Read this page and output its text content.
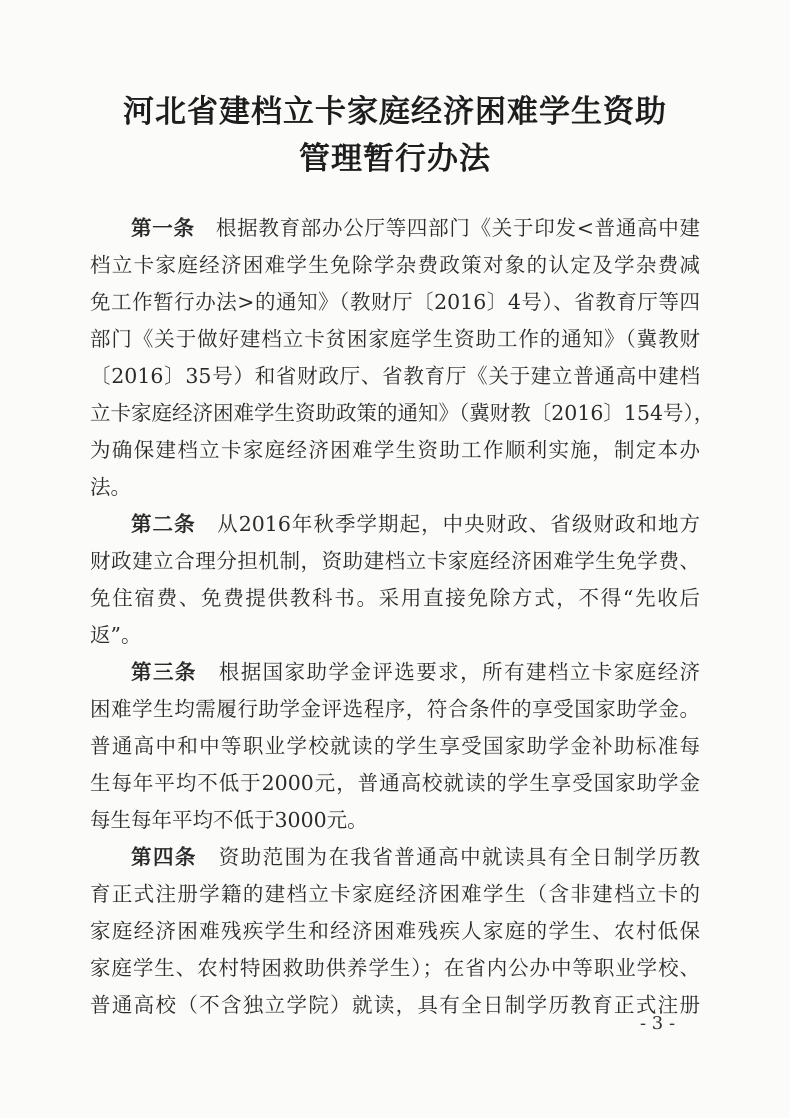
河北省建档立卡家庭经济困难学生资助
管理暂行办法
第一条　 根据教育部办公厅等四部门《关于印发<普通高中建
档立卡家庭经济困难学生免除学杂费政策对象的认定及学杂费减
免工作暂行办法>的通知》（教财厅〔2016〕4号）、省教育厅等四
部门《关于做好建档立卡贫困家庭学生资助工作的通知》（冀教财
〔2016〕35号）和省财政厅、省教育厅《关于建立普通高中建档
立卡家庭经济困难学生资助政策的通知》（冀财教〔2016〕154号），
为确保建档立卡家庭经济困难学生资助工作顺利实施，制定本办
法。
第二条　 从2016年秋季学期起，中央财政、省级财政和地方
财政建立合理分担机制，资助建档立卡家庭经济困难学生免学费、
免住宿费、免费提供教科书。采用直接免除方式，不得“先收后
返”。
第三条　 根据国家助学金评选要求，所有建档立卡家庭经济
困难学生均需履行助学金评选程序，符合条件的享受国家助学金。
普通高中和中等职业学校就读的学生享受国家助学金补助标准每
生每年平均不低于2000元，普通高校就读的学生享受国家助学金
每生每年平均不低于3000元。
第四条　 资助范围为在我省普通高中就读具有全日制学历教
育正式注册学籍的建档立卡家庭经济困难学生（含非建档立卡的
家庭经济困难残疾学生和经济困难残疾人家庭的学生、农村低保
家庭学生、农村特困救助供养学生）；在省内公办中等职业学校、
普通高校（不含独立学院）就读，具有全日制学历教育正式注册
- 3 -
